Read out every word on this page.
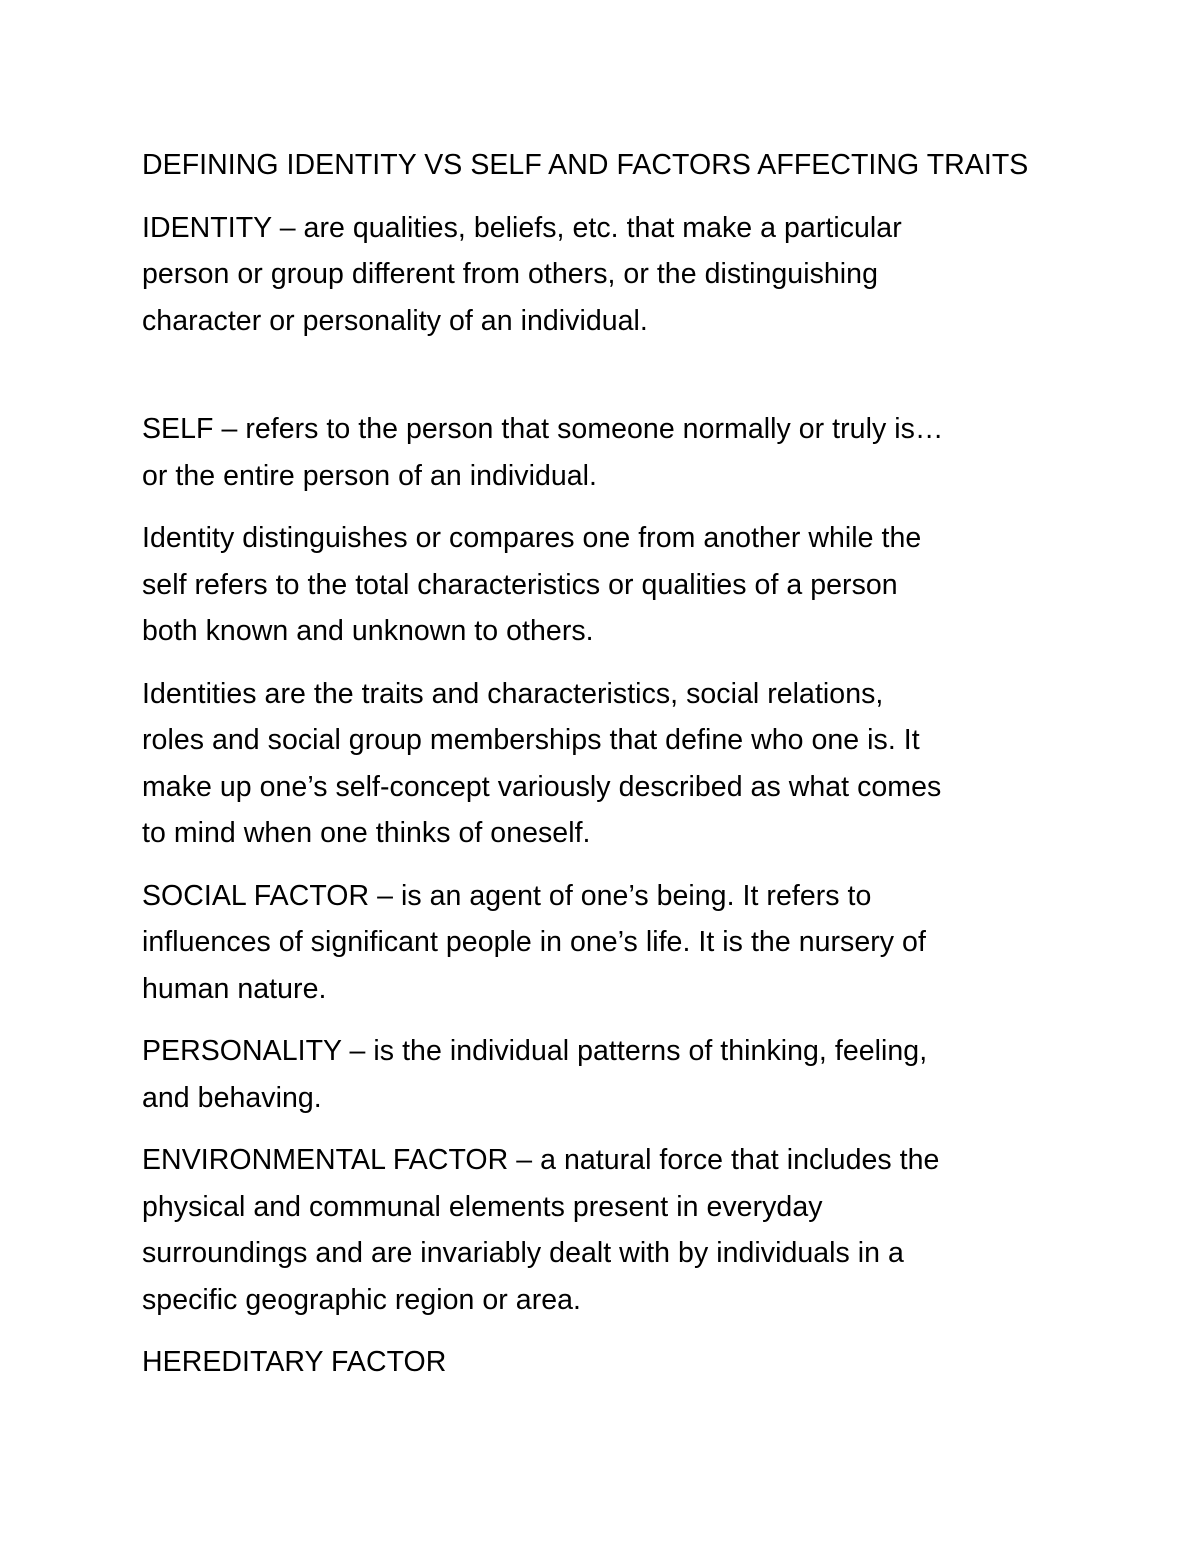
DEFINING IDENTITY VS SELF AND FACTORS AFFECTING TRAITS

IDENTITY – are qualities, beliefs, etc. that make a particular
person or group different from others, or the distinguishing
character or personality of an individual.

SELF – refers to the person that someone normally or truly is…
or the entire person of an individual.

Identity distinguishes or compares one from another while the
self refers to the total characteristics or qualities of a person
both known and unknown to others.

Identities are the traits and characteristics, social relations,
roles and social group memberships that define who one is. It
make up one’s self-concept variously described as what comes
to mind when one thinks of oneself.

SOCIAL FACTOR – is an agent of one’s being. It refers to
influences of significant people in one’s life. It is the nursery of
human nature.

PERSONALITY – is the individual patterns of thinking, feeling,
and behaving.

ENVIRONMENTAL FACTOR – a natural force that includes the
physical and communal elements present in everyday
surroundings and are invariably dealt with by individuals in a
specific geographic region or area.

HEREDITARY FACTOR
